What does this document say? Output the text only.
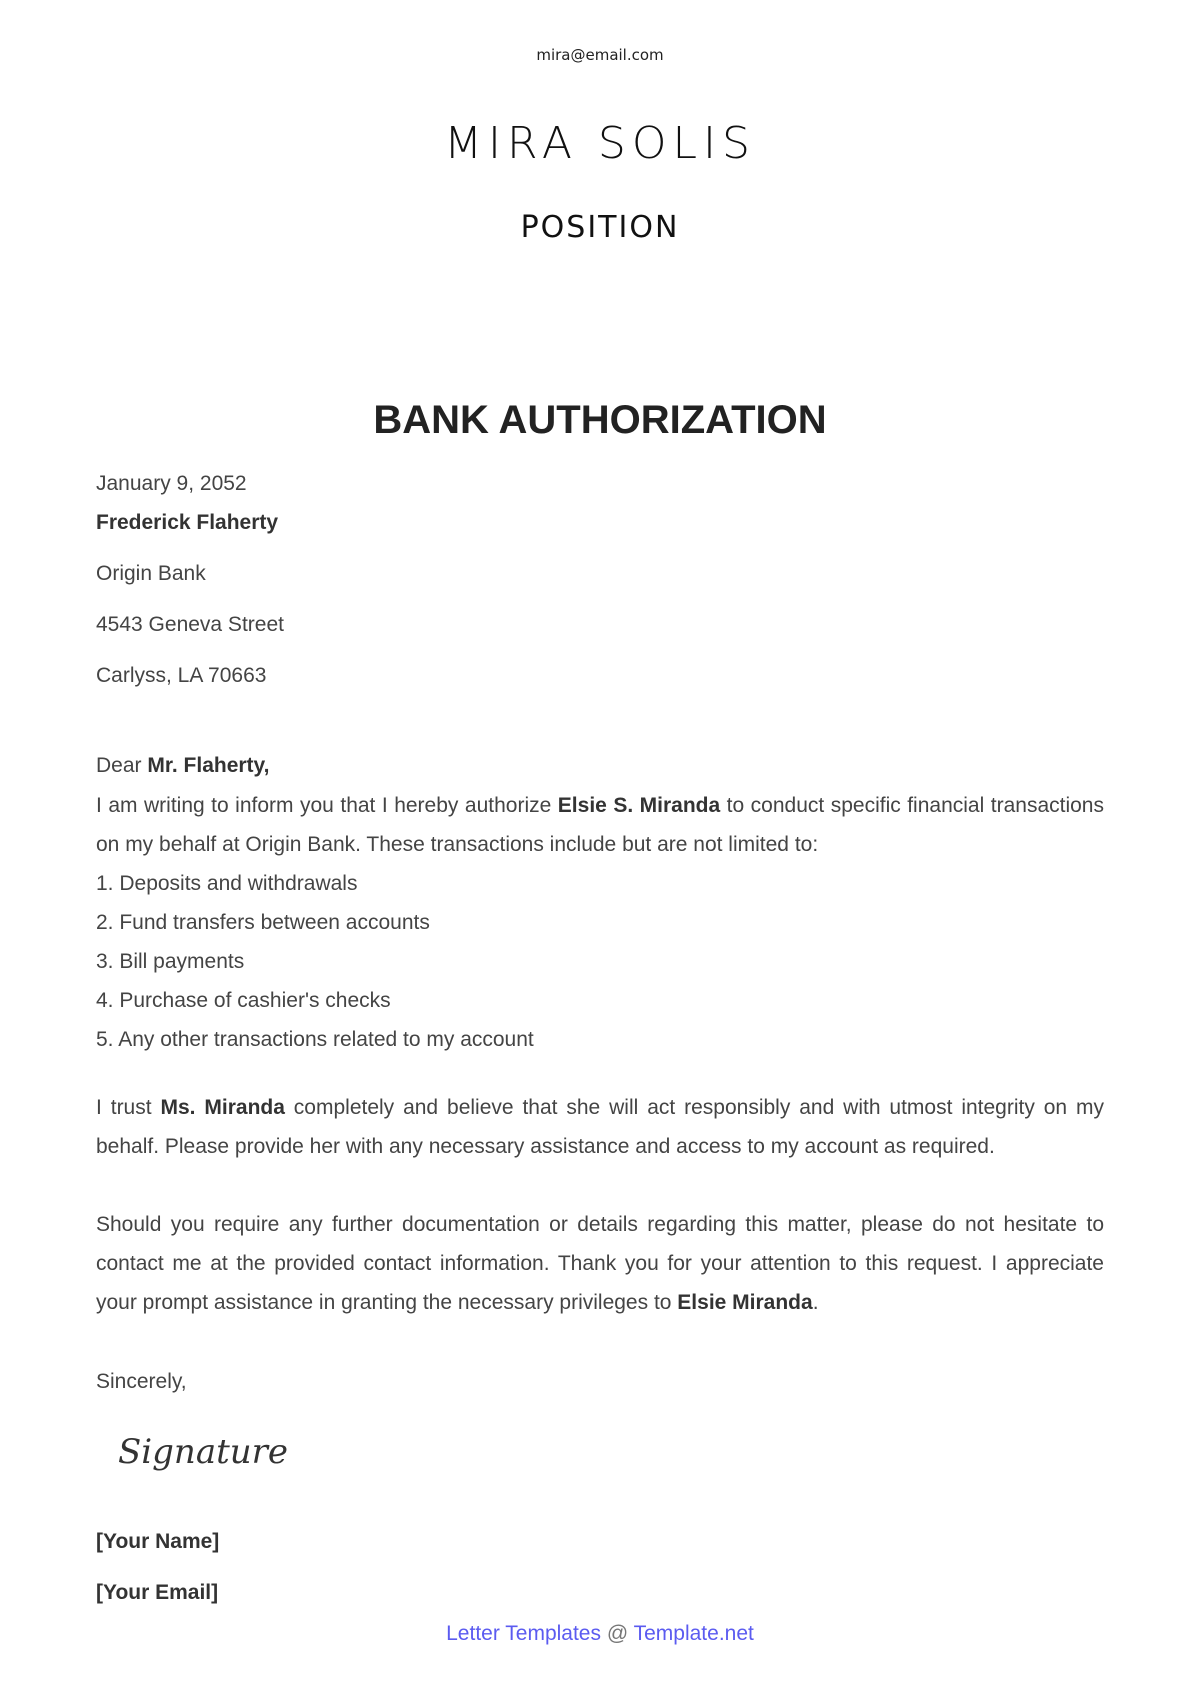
mira@email.com
MIRA SOLIS
POSITION
BANK AUTHORIZATION
January 9, 2052
Frederick Flaherty
Origin Bank
4543 Geneva Street
Carlyss, LA 70663
Dear Mr. Flaherty,
I am writing to inform you that I hereby authorize Elsie S. Miranda to conduct specific financial transactions on my behalf at Origin Bank. These transactions include but are not limited to:
1. Deposits and withdrawals
2. Fund transfers between accounts
3. Bill payments
4. Purchase of cashier's checks
5. Any other transactions related to my account
I trust Ms. Miranda completely and believe that she will act responsibly and with utmost integrity on my behalf. Please provide her with any necessary assistance and access to my account as required.
Should you require any further documentation or details regarding this matter, please do not hesitate to contact me at the provided contact information. Thank you for your attention to this request. I appreciate your prompt assistance in granting the necessary privileges to Elsie Miranda.
Sincerely,
Signature
[Your Name]
[Your Email]
Letter Templates @ Template.net
